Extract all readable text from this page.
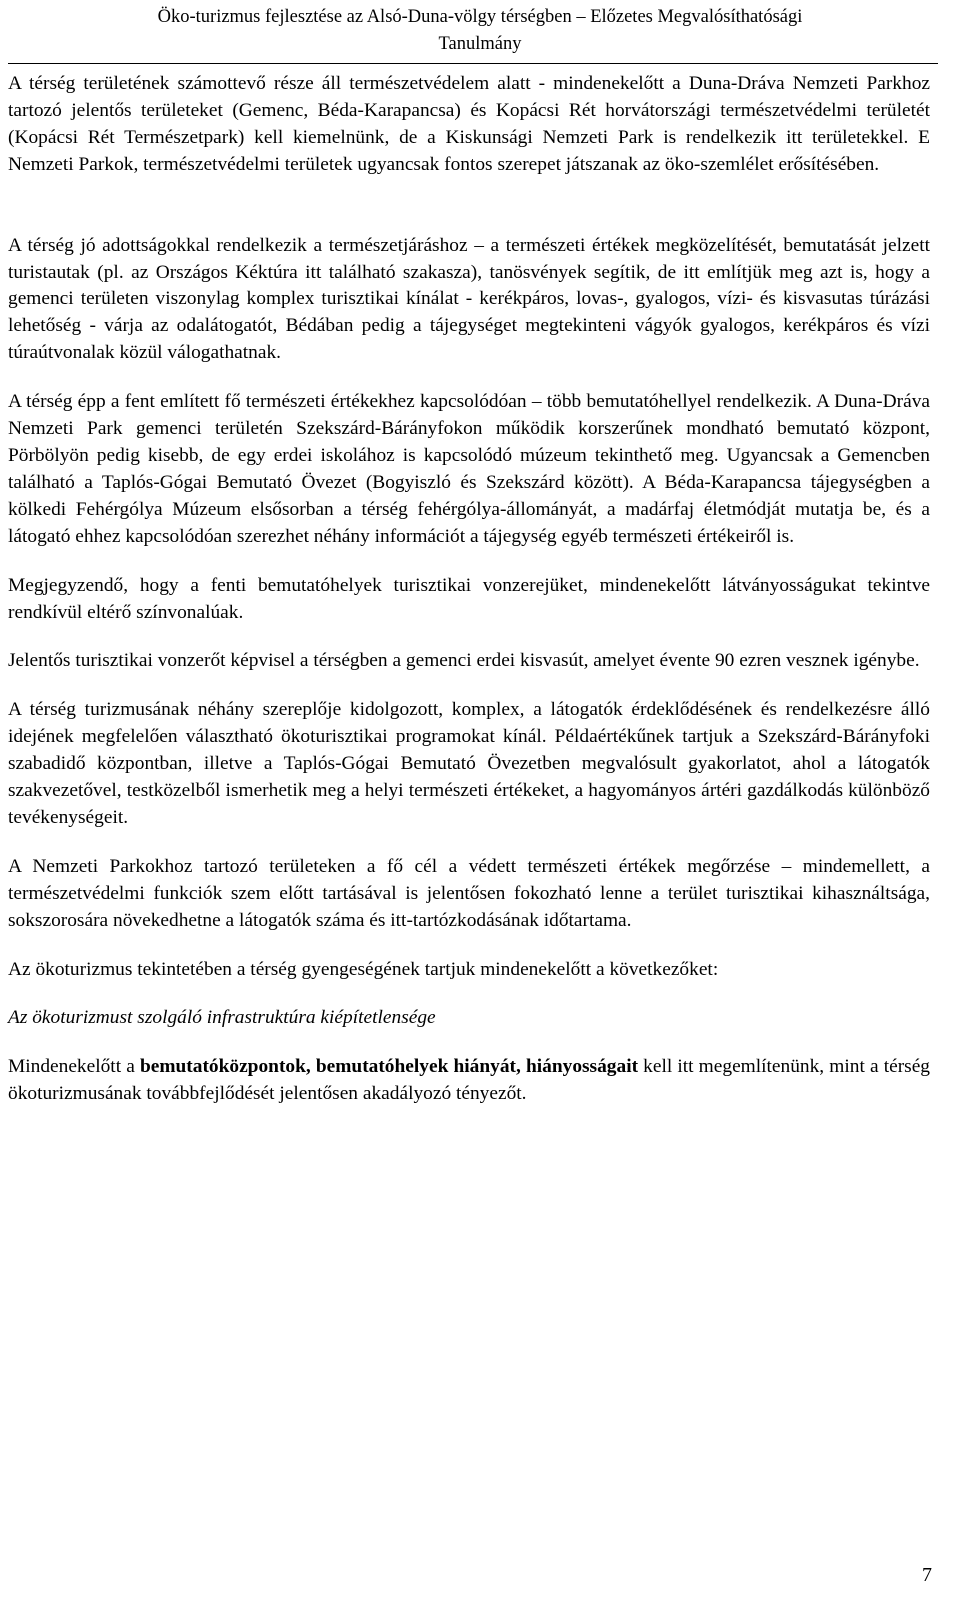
Öko-turizmus fejlesztése az Alsó-Duna-völgy térségben – Előzetes Megvalósíthatósági
Tanulmány

A térség területének számottevő része áll természetvédelem alatt - mindenekelőtt a Duna-Dráva Nemzeti Parkhoz tartozó jelentős területeket (Gemenc, Béda-Karapancsa) és Kopácsi Rét horvátországi természetvédelmi területét (Kopácsi Rét Természetpark) kell kiemelnünk, de a Kiskunsági Nemzeti Park is rendelkezik itt területekkel. E Nemzeti Parkok, természetvédelmi területek ugyancsak fontos szerepet játszanak az öko-szemlélet erősítésében.

A térség jó adottságokkal rendelkezik a természetjáráshoz – a természeti értékek megközelítését, bemutatását jelzett turistautak (pl. az Országos Kéktúra itt található szakasza), tanösvények segítik, de itt említjük meg azt is, hogy a gemenci területen viszonylag komplex turisztikai kínálat - kerékpáros, lovas-, gyalogos, vízi- és kisvasutas túrázási lehetőség - várja az odalátogatót, Bédában pedig a tájegységet megtekinteni vágyók gyalogos, kerékpáros és vízi túraútvonalak közül válogathatnak.

A térség épp a fent említett fő természeti értékekhez kapcsolódóan – több bemutatóhellyel rendelkezik. A Duna-Dráva Nemzeti Park gemenci területén Szekszárd-Bárányfokon működik korszerűnek mondható bemutató központ, Pörbölyön pedig kisebb, de egy erdei iskolához is kapcsolódó múzeum tekinthető meg. Ugyancsak a Gemencben található a Taplós-Gógai Bemutató Övezet (Bogyiszló és Szekszárd között). A Béda-Karapancsa tájegységben a kölkedi Fehérgólya Múzeum elsősorban a térség fehérgólya-állományát, a madárfaj életmódját mutatja be, és a látogató ehhez kapcsolódóan szerezhet néhány információt a tájegység egyéb természeti értékeiről is.

Megjegyzendő, hogy a fenti bemutatóhelyek turisztikai vonzerejüket, mindenekelőtt látványosságukat tekintve rendkívül eltérő színvonalúak.

Jelentős turisztikai vonzerőt képvisel a térségben a gemenci erdei kisvasút, amelyet évente 90 ezren vesznek igénybe.

A térség turizmusának néhány szereplője kidolgozott, komplex, a látogatók érdeklődésének és rendelkezésre álló idejének megfelelően választható ökoturisztikai programokat kínál. Példaértékűnek tartjuk a Szekszárd-Bárányfoki szabadidő központban, illetve a Taplós-Gógai Bemutató Övezetben megvalósult gyakorlatot, ahol a látogatók szakvezetővel, testközelből ismerhetik meg a helyi természeti értékeket, a hagyományos ártéri gazdálkodás különböző tevékenységeit.

A Nemzeti Parkokhoz tartozó területeken a fő cél a védett természeti értékek megőrzése – mindemellett, a természetvédelmi funkciók szem előtt tartásával is jelentősen fokozható lenne a terület turisztikai kihasználtsága, sokszorosára növekedhetne a látogatók száma és itt-tartózkodásának időtartama.

Az ökoturizmus tekintetében a térség gyengeségének tartjuk mindenekelőtt a következőket:

Az ökoturizmust szolgáló infrastruktúra kiépítetlensége

Mindenekelőtt a bemutatóközpontok, bemutatóhelyek hiányát, hiányosságait kell itt megemlítenünk, mint a térség ökoturizmusának továbbfejlődését jelentősen akadályozó tényezőt.

7
